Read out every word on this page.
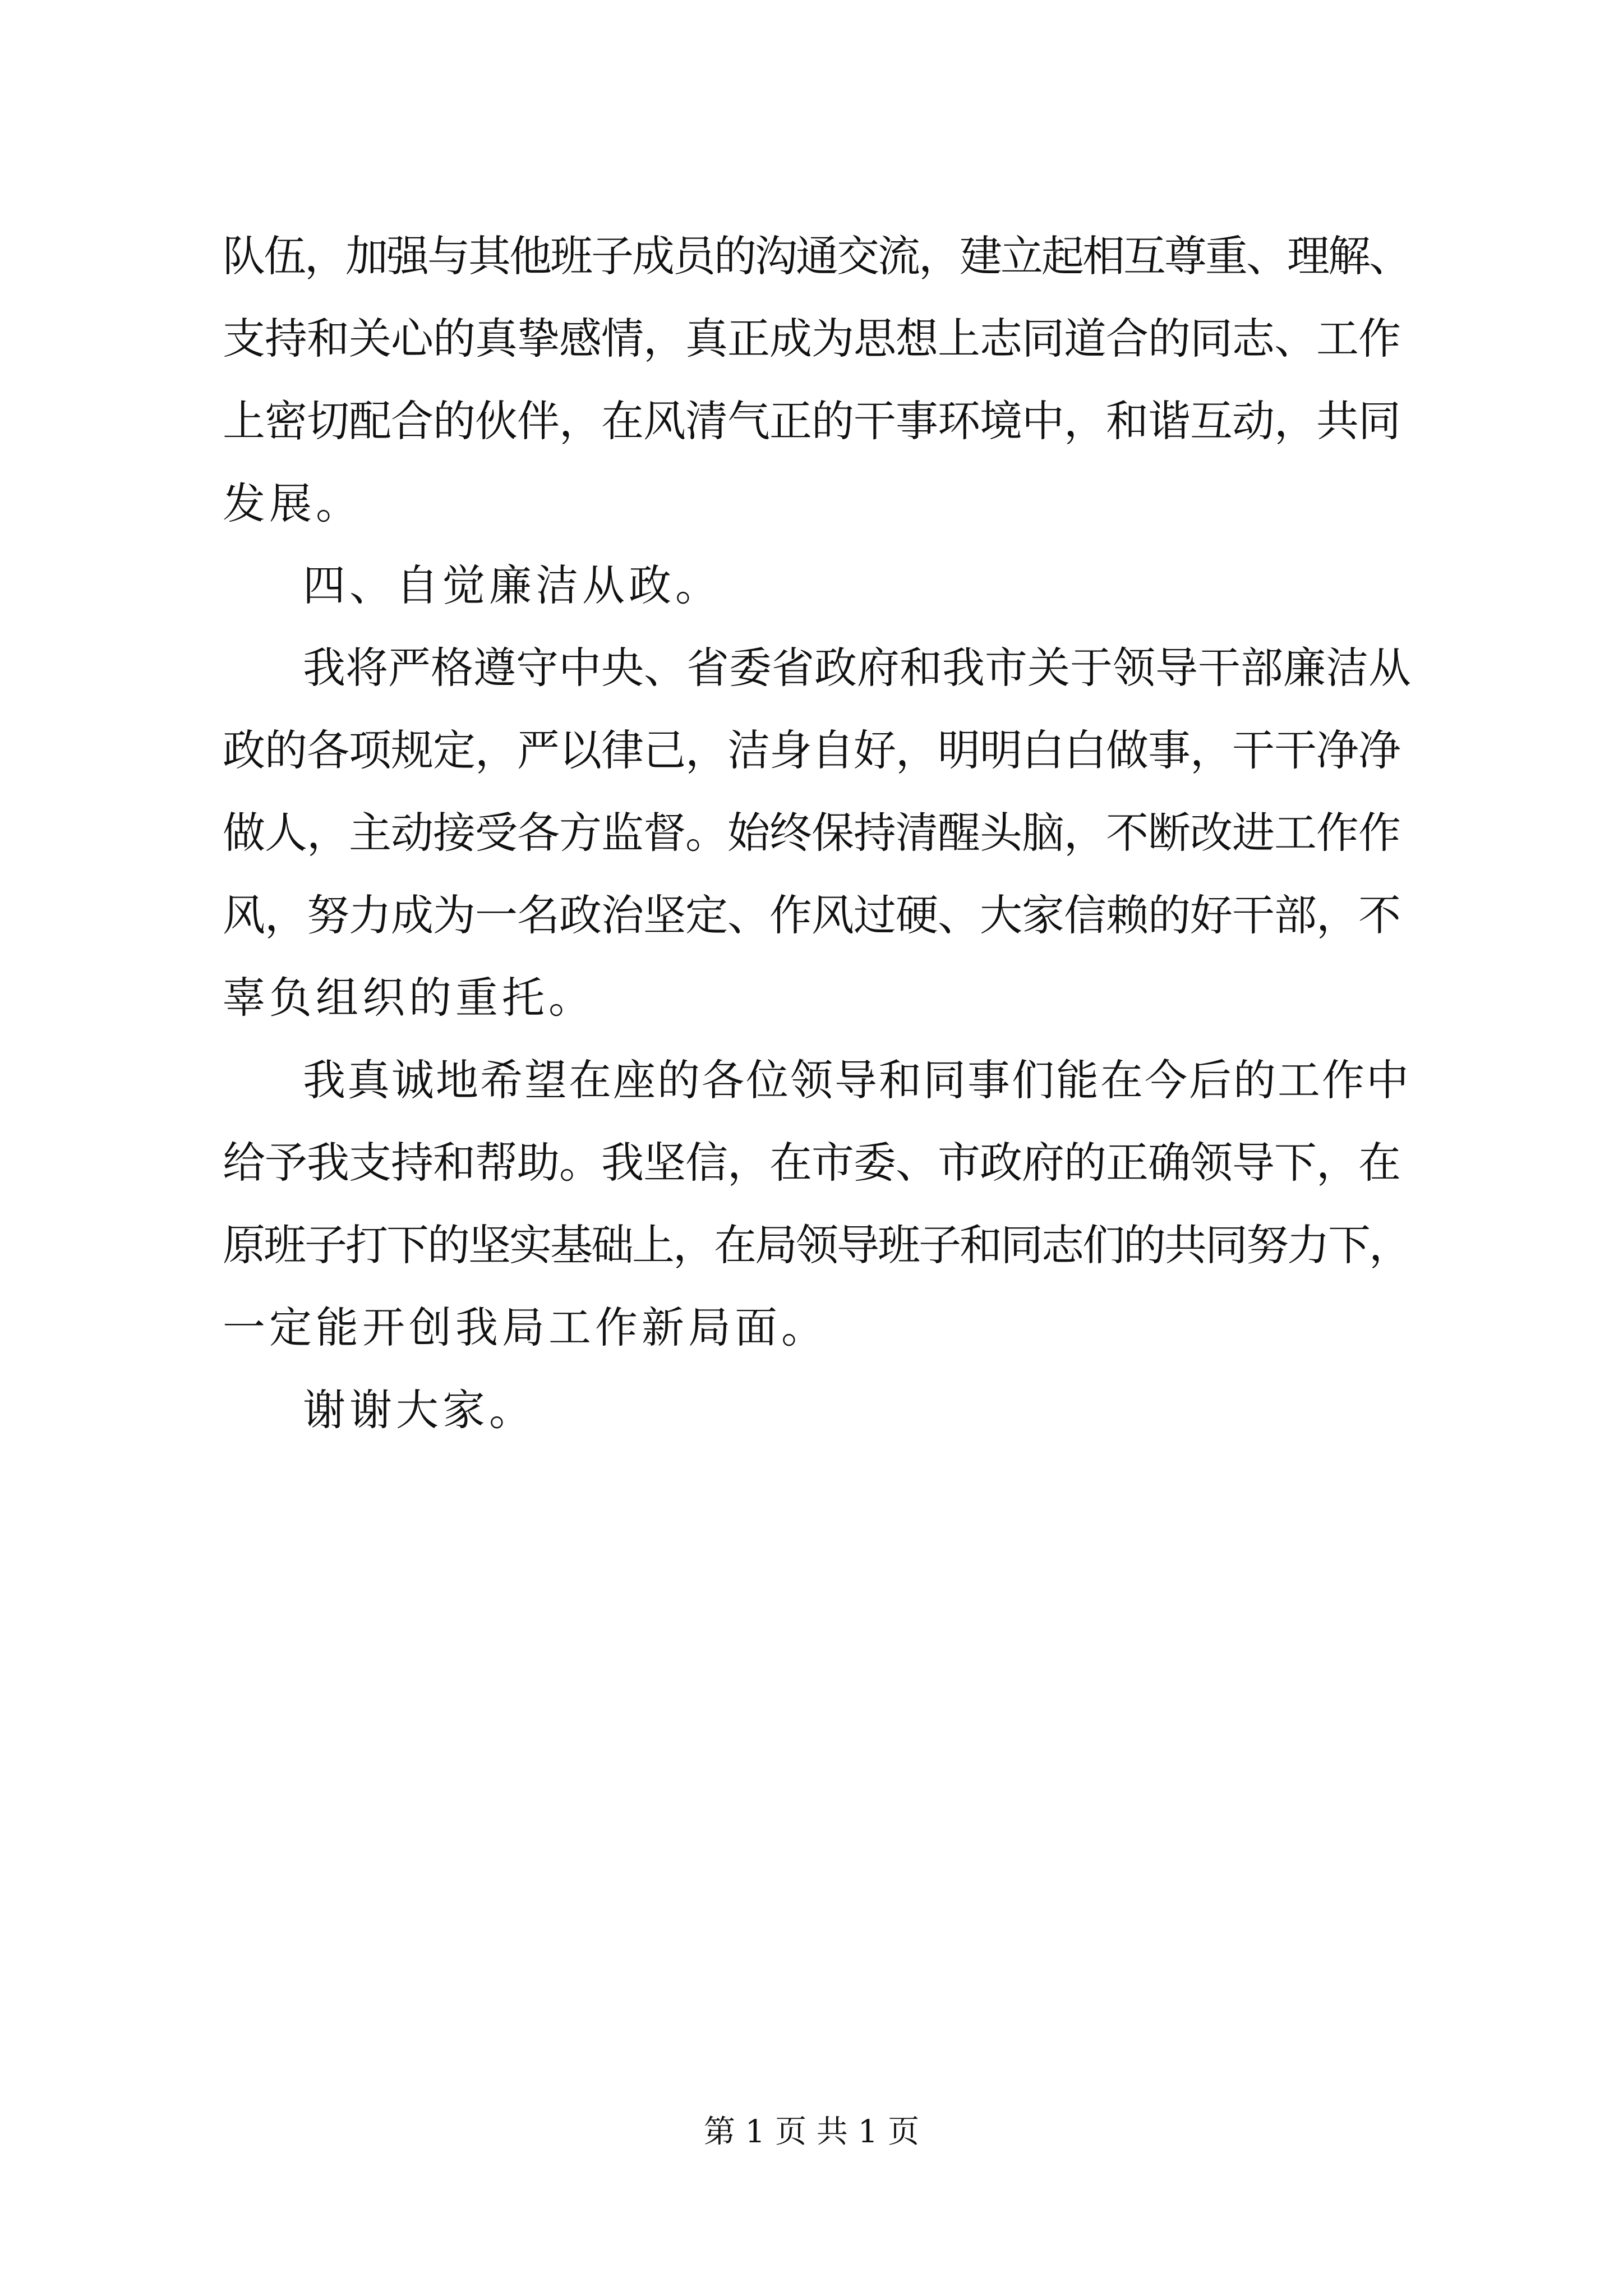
队伍，加强与其他班子成员的沟通交流，建立起相互尊重、理解、
支持和关心的真挚感情，真正成为思想上志同道合的同志、工作
上密切配合的伙伴，在风清气正的干事环境中，和谐互动，共同
发展。
四、自觉廉洁从政。
我将严格遵守中央、省委省政府和我市关于领导干部廉洁从
政的各项规定，严以律己，洁身自好，明明白白做事，干干净净
做人，主动接受各方监督。始终保持清醒头脑，不断改进工作作
风，努力成为一名政治坚定、作风过硬、大家信赖的好干部，不
辜负组织的重托。
我真诚地希望在座的各位领导和同事们能在今后的工作中
给予我支持和帮助。我坚信，在市委、市政府的正确领导下，在
原班子打下的坚实基础上，在局领导班子和同志们的共同努力下，
一定能开创我局工作新局面。
谢谢大家。
第 1 页 共 1 页
